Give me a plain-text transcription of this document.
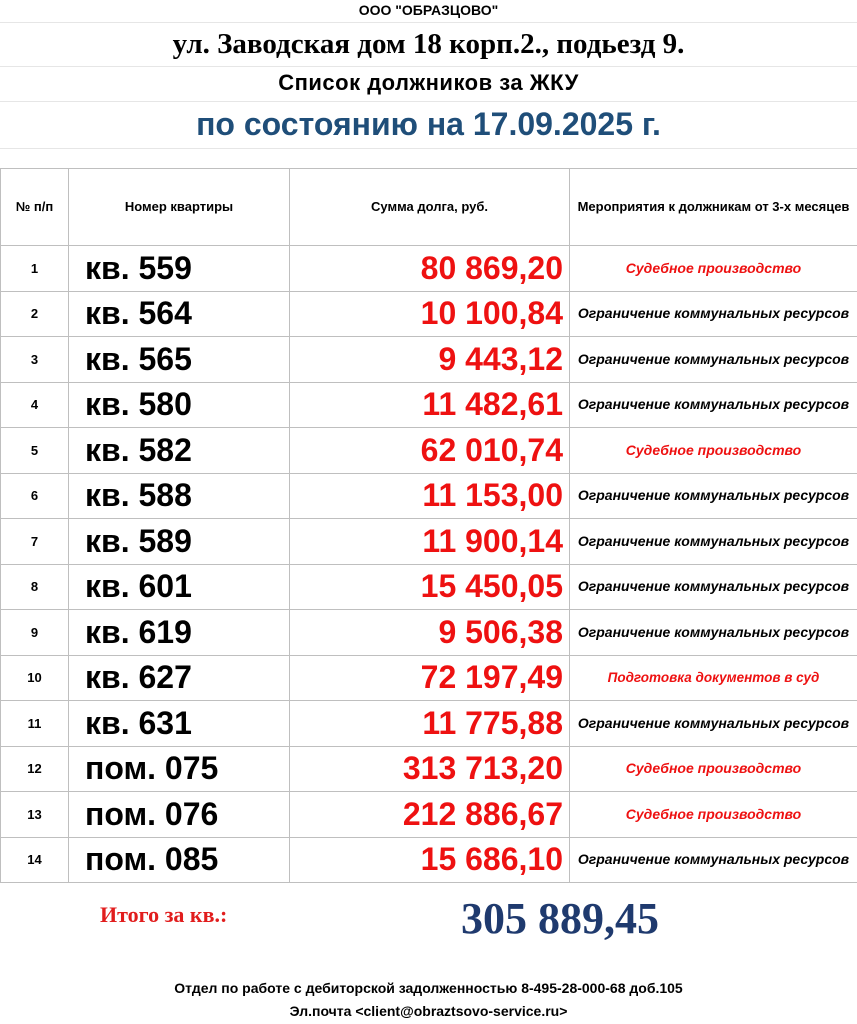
ООО "ОБРАЗЦОВО"
ул. Заводская дом 18 корп.2., подьезд 9.
Список должников за ЖКУ
по состоянию на 17.09.2025 г.
№ п/п	Номер квартиры	Сумма долга, руб.	Мероприятия к должникам от 3-х месяцев
1	кв. 559	80 869,20	Судебное производство
2	кв. 564	10 100,84	Ограничение коммунальных ресурсов
3	кв. 565	9 443,12	Ограничение коммунальных ресурсов
4	кв. 580	11 482,61	Ограничение коммунальных ресурсов
5	кв. 582	62 010,74	Судебное производство
6	кв. 588	11 153,00	Ограничение коммунальных ресурсов
7	кв. 589	11 900,14	Ограничение коммунальных ресурсов
8	кв. 601	15 450,05	Ограничение коммунальных ресурсов
9	кв. 619	9 506,38	Ограничение коммунальных ресурсов
10	кв. 627	72 197,49	Подготовка документов в суд
11	кв. 631	11 775,88	Ограничение коммунальных ресурсов
12	пом. 075	313 713,20	Судебное производство
13	пом. 076	212 886,67	Судебное производство
14	пом. 085	15 686,10	Ограничение коммунальных ресурсов
Итого за кв.:	305 889,45
Отдел по работе с дебиторской задолженностью 8-495-28-000-68 доб.105
Эл.почта <client@obraztsovo-service.ru>
